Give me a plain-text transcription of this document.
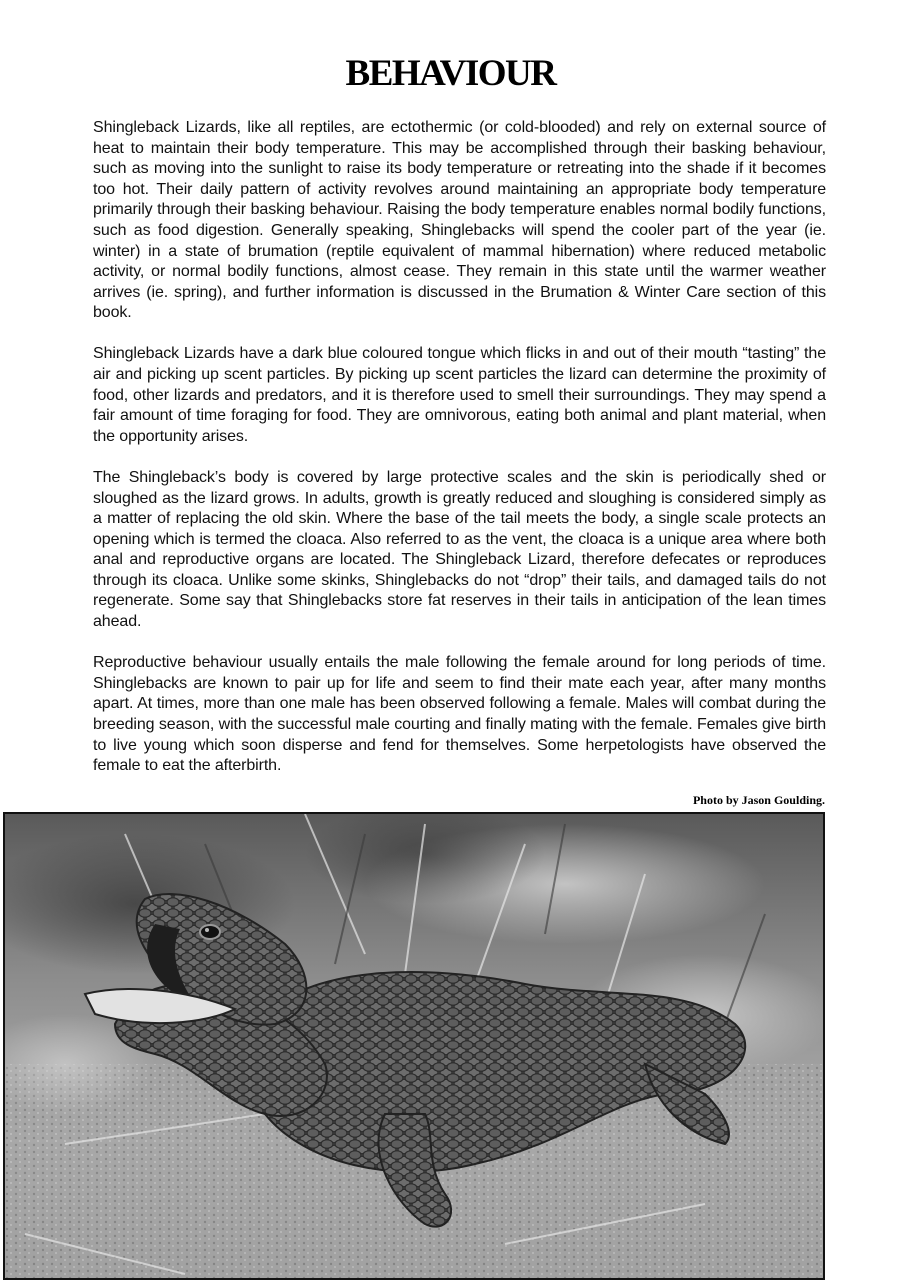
BEHAVIOUR

Shingleback Lizards, like all reptiles, are ectothermic (or cold-blooded) and rely on external source of heat to maintain their body temperature. This may be accomplished through their basking behaviour, such as moving into the sunlight to raise its body temperature or retreating into the shade if it becomes too hot. Their daily pattern of activity revolves around maintaining an appropriate body temperature primarily through their basking behaviour. Raising the body temperature enables normal bodily functions, such as food digestion. Generally speaking, Shinglebacks will spend the cooler part of the year (ie. winter) in a state of brumation (reptile equivalent of mammal hibernation) where reduced metabolic activity, or normal bodily functions, almost cease. They remain in this state until the warmer weather arrives (ie. spring), and further information is discussed in the Brumation & Winter Care section of this book.

Shingleback Lizards have a dark blue coloured tongue which flicks in and out of their mouth “tasting” the air and picking up scent particles. By picking up scent particles the lizard can determine the proximity of food, other lizards and predators, and it is therefore used to smell their surroundings. They may spend a fair amount of time foraging for food. They are omnivorous, eating both animal and plant material, when the opportunity arises.

The Shingleback’s body is covered by large protective scales and the skin is periodically shed or sloughed as the lizard grows. In adults, growth is greatly reduced and sloughing is considered simply as a matter of replacing the old skin. Where the base of the tail meets the body, a single scale protects an opening which is termed the cloaca. Also referred to as the vent, the cloaca is a unique area where both anal and reproductive organs are located. The Shingleback Lizard, therefore defecates or reproduces through its cloaca. Unlike some skinks, Shinglebacks do not “drop” their tails, and damaged tails do not regenerate. Some say that Shinglebacks store fat reserves in their tails in anticipation of the lean times ahead.

Reproductive behaviour usually entails the male following the female around for long periods of time. Shinglebacks are known to pair up for life and seem to find their mate each year, after many months apart. At times, more than one male has been observed following a female. Males will combat during the breeding season, with the successful male courting and finally mating with the female. Females give birth to live young which soon disperse and fend for themselves. Some herpetologists have observed the female to eat the afterbirth.

Photo by Jason Goulding.
